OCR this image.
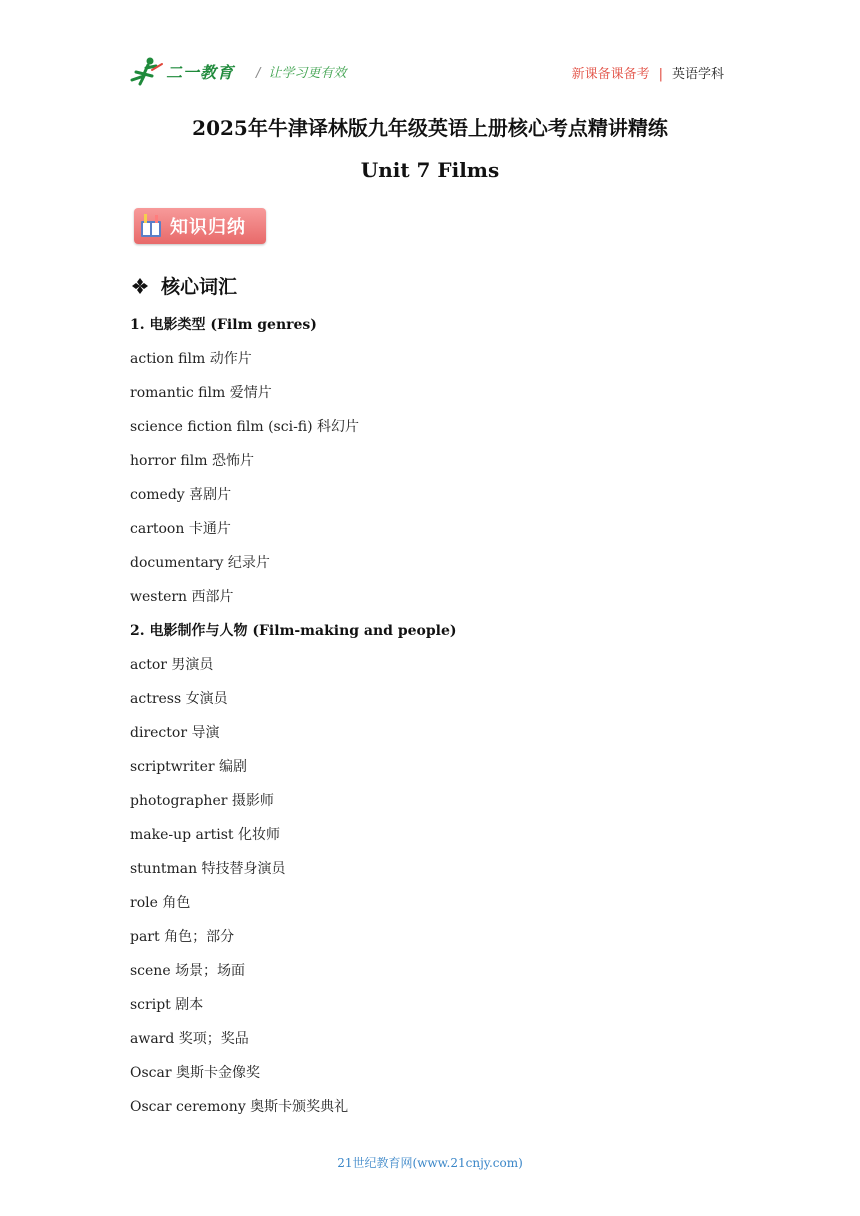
二一教育 / 让学习更有效	新课备课备考 | 英语学科
2025年牛津译林版九年级英语上册核心考点精讲精练
Unit 7 Films
知识归纳
核心词汇
1. 电影类型 (Film genres)
action film 动作片
romantic film 爱情片
science fiction film (sci-fi) 科幻片
horror film 恐怖片
comedy 喜剧片
cartoon 卡通片
documentary 纪录片
western 西部片
2. 电影制作与人物 (Film-making and people)
actor 男演员
actress 女演员
director 导演
scriptwriter 编剧
photographer 摄影师
make-up artist 化妆师
stuntman 特技替身演员
role 角色
part 角色；部分
scene 场景；场面
script 剧本
award 奖项；奖品
Oscar 奥斯卡金像奖
Oscar ceremony 奥斯卡颁奖典礼
21世纪教育网(www.21cnjy.com)
